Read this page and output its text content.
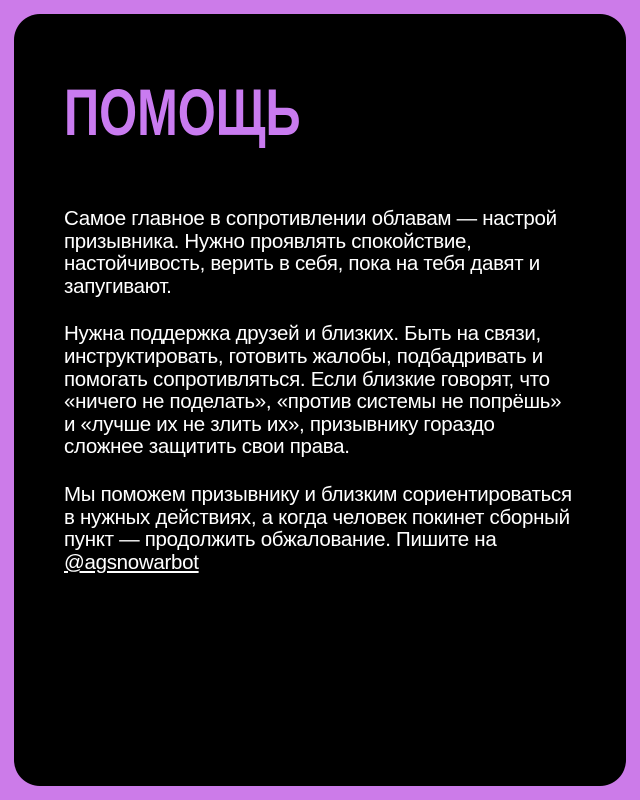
ПОМОЩЬ

Самое главное в сопротивлении облавам — настрой призывника. Нужно проявлять спокойствие, настойчивость, верить в себя, пока на тебя давят и запугивают.

Нужна поддержка друзей и близких. Быть на связи, инструктировать, готовить жалобы, подбадривать и помогать сопротивляться. Если близкие говорят, что «ничего не поделать», «против системы не попрёшь» и «лучше их не злить их», призывнику гораздо сложнее защитить свои права.

Мы поможем призывнику и близким сориентироваться в нужных действиях, а когда человек покинет сборный пункт — продолжить обжалование. Пишите на @agsnowarbot
